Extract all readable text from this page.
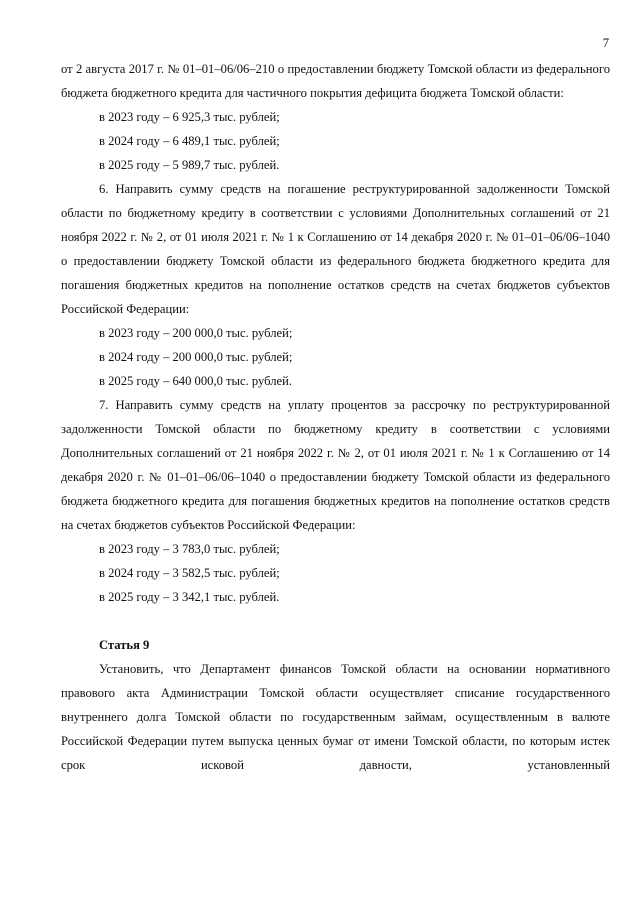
7

от 2 августа 2017 г. № 01–01–06/06–210 о предоставлении бюджету Томской области из федерального бюджета бюджетного кредита для частичного покрытия дефицита бюджета Томской области:

в 2023 году – 6 925,3 тыс. рублей;

в 2024 году – 6 489,1 тыс. рублей;

в 2025 году – 5 989,7 тыс. рублей.

6. Направить сумму средств на погашение реструктурированной задолженности Томской области по бюджетному кредиту в соответствии с условиями Дополнительных соглашений от 21 ноября 2022 г. № 2, от 01 июля 2021 г. № 1 к Соглашению от 14 декабря 2020 г. № 01–01–06/06–1040 о предоставлении бюджету Томской области из федерального бюджета бюджетного кредита для погашения бюджетных кредитов на пополнение остатков средств на счетах бюджетов субъектов Российской Федерации:

в 2023 году – 200 000,0 тыс. рублей;

в 2024 году – 200 000,0 тыс. рублей;

в 2025 году – 640 000,0 тыс. рублей.

7. Направить сумму средств на уплату процентов за рассрочку по реструктурированной задолженности Томской области по бюджетному кредиту в соответствии с условиями Дополнительных соглашений от 21 ноября 2022 г. № 2, от 01 июля 2021 г. № 1 к Соглашению от 14 декабря 2020 г. № 01–01–06/06–1040 о предоставлении бюджету Томской области из федерального бюджета бюджетного кредита для погашения бюджетных кредитов на пополнение остатков средств на счетах бюджетов субъектов Российской Федерации:

в 2023 году – 3 783,0 тыс. рублей;

в 2024 году – 3 582,5 тыс. рублей;

в 2025 году – 3 342,1 тыс. рублей.

Статья 9

Установить, что Департамент финансов Томской области на основании нормативного правового акта Администрации Томской области осуществляет списание государственного внутреннего долга Томской области по государственным займам, осуществленным в валюте Российской Федерации путем выпуска ценных бумаг от имени Томской области, по которым истек срок исковой давности, установленный
